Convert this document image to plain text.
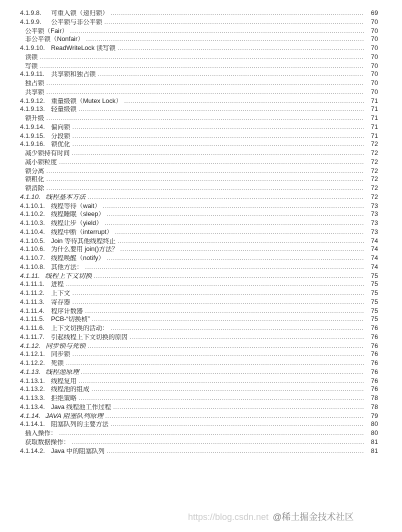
4.1.9.8. 可重入锁（递归锁） .....	69
4.1.9.9. 公平锁与非公平锁 .....	70
公平锁（Fair） .....	70
非公平锁（Nonfair） .....	70
4.1.9.10. ReadWriteLock 读写锁 .....	70
读锁 .....	70
写锁 .....	70
4.1.9.11. 共享锁和独占锁 .....	70
独占锁 .....	70
共享锁 .....	70
4.1.9.12. 重量级锁（Mutex Lock） .....	71
4.1.9.13. 轻量级锁 .....	71
锁升级 .....	71
4.1.9.14. 偏向锁 .....	71
4.1.9.15. 分段锁 .....	71
4.1.9.16. 锁优化 .....	72
减少锁持有时间 .....	72
减小锁粒度 .....	72
锁分离 .....	72
锁粗化 .....	72
锁消除 .....	72
4.1.10. 线程基本方法 .....	72
4.1.10.1. 线程等待（wait） .....	73
4.1.10.2. 线程睡眠（sleep） .....	73
4.1.10.3. 线程让步（yield） .....	73
4.1.10.4. 线程中断（interrupt） .....	73
4.1.10.5. Join 等待其他线程终止 .....	74
4.1.10.6. 为什么要用 join()方法？ .....	74
4.1.10.7. 线程唤醒（notify） .....	74
4.1.10.8. 其他方法： .....	74
4.1.11. 线程上下文切换 .....	75
4.1.11.1. 进程 .....	75
4.1.11.2. 上下文 .....	75
4.1.11.3. 寄存器 .....	75
4.1.11.4. 程序计数器 .....	75
4.1.11.5. PCB-“切换桢” .....	75
4.1.11.6. 上下文切换的活动： .....	76
4.1.11.7. 引起线程上下文切换的原因 .....	76
4.1.12. 同步锁与死锁 .....	76
4.1.12.1. 同步锁 .....	76
4.1.12.2. 死锁 .....	76
4.1.13. 线程池原理 .....	76
4.1.13.1. 线程复用 .....	76
4.1.13.2. 线程池的组成 .....	76
4.1.13.3. 拒绝策略 .....	78
4.1.13.4. Java 线程池工作过程 .....	78
4.1.14. JAVA 阻塞队列原理 .....	79
4.1.14.1. 阻塞队列的主要方法 .....	80
插入操作： .....	80
获取数据操作： .....	81
4.1.14.2. Java 中的阻塞队列 .....	81
https://blog.csdn.net @稀土掘金技术社区
